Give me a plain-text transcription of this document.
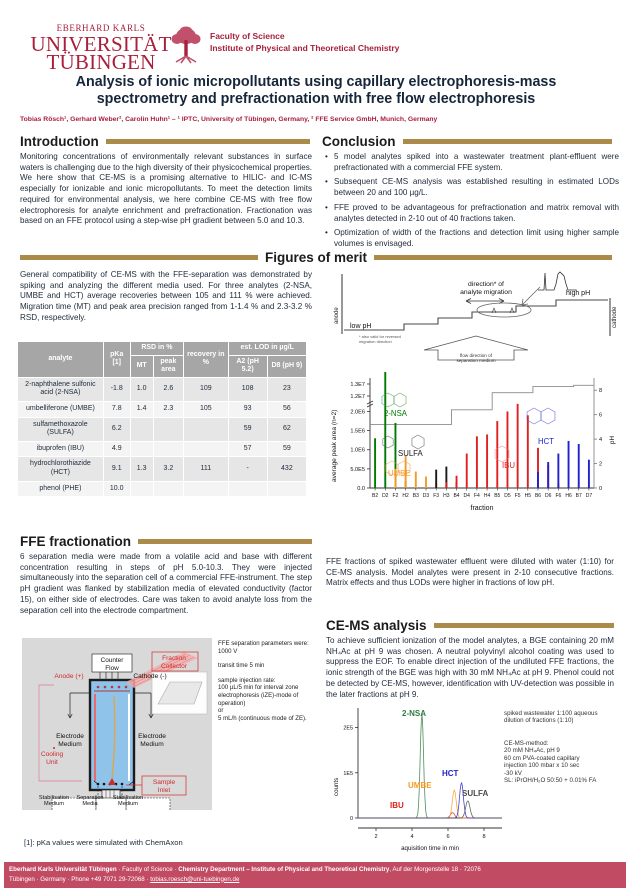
EBERHARD KARLS
UNIVERSITÄT
TÜBINGEN
Faculty of Science
Institute of Physical and Theoretical Chemistry
Analysis of ionic micropollutants using capillary electrophoresis-mass spectrometry and prefractionation with free flow electrophoresis
Tobias Rösch¹, Gerhard Weber², Carolin Huhn¹ – ¹ IPTC, University of Tübingen, Germany, ² FFE Service GmbH, Munich, Germany
Introduction
Monitoring concentrations of environmentally relevant substances in surface waters is challenging due to the high diversity of their physicochemical properties. We here show that CE-MS is a promising alternative to HILIC- and IC-MS especially for ionizable and ionic micropollutants. To meet the detection limits required for environmental analysis, we here combine CE-MS with free flow electrophoresis for analyte enrichment and prefractionation. Fractionation was based on an FFE protocol using a step-wise pH gradient between 5.0 and 10.3.
Conclusion
• 5 model analytes spiked into a wastewater treatment plant-effluent were prefractionated with a commercial FFE system.
• Subsequent CE-MS analysis was established resulting in estimated LODs between 20 and 100 µg/L.
• FFE proved to be advantageous for prefractionation and matrix removal with analytes detected in 2-10 out of 40 fractions taken.
• Optimization of width of the fractions and detection limit using higher sample volumes is envisaged.
Figures of merit
General compatibility of CE-MS with the FFE-separation was demonstrated by spiking and analyzing the different media used. For three analytes (2-NSA, UMBE and HCT) average recoveries between 105 and 111 % were achieved. Migration time (MT) and peak area precision ranged from 1-1.4 % and 2.3-3.2 % RSD, respectively.
analyte	pKa [1]	RSD in %		recovery in %	est. LOD in µg/L	
		MT	peak area		A2 (pH 5.2)	D8 (pH 9)
2-naphthalene sulfonic acid (2-NSA)	-1.8	1.0	2.6	109	108	23
umbelliferone (UMBE)	7.8	1.4	2.3	105	93	56
sulfamethoxazole (SULFA)	6.2				59	62
ibuprofen (IBU)	4.9				57	59
hydrochlorothiazide (HCT)	9.1	1.3	3.2	111	-	432
phenol (PHE)	10.0					
anode	cathode
low pH
high pH
direction* of
analyte migration
* also valid for reversed
migration direction
flow direction of
separation medium
0.0
5.0E5
1.0E6
1.5E6
2.0E6
1.3E7
1.2E7
average peak area (n=2)
0
2
4
6
8
pH
B2 D2 F2 H2 B3 D3 F3 H3 B4 D4 F4 H4 B5 D5 F5 H5 B6 D6 F6 H6 B7 D7
fraction
2-NSA
UMBE
SULFA
IBU
HCT
FFE fractionation
6 separation media were made from a volatile acid and base with different concentration resulting in steps of pH 5.0-10.3. They were injected simultaneously into the separation cell of a commercial FFE-instrument. The step pH gradient was flanked by stabilization media of elevated conductivity (factor 15), on either side of electrodes. Care was taken to avoid analyte loss from the separation cell into the electrode compartment.
Counter
Flow
Fraction
Collector
Anode (+)	Cathode (-)
Electrode
Medium
Electrode
Medium
Cooling
Unit
Sample
Inlet
Stabilisation
Medium
Stabilisation
Medium
Separation
Media
FFE separation parameters were:
1000 V
transit time 5 min
sample injection rate:
100 µL/5 min for interval zone electrophoresis (iZE)-mode of operation)
or
5 mL/h (continuous mode of ZE).
[1]: pKa values were simulated with ChemAxon
FFE fractions of spiked wastewater effluent were diluted with water (1:10) for CE-MS analysis. Model analytes were present in 2-10 consecutive fractions. Matrix effects and thus LODs were higher in fractions of low pH.
CE-MS analysis
To achieve sufficient ionization of the model analytes, a BGE containing 20 mM NH₄Ac at pH 9 was chosen. A neutral polyvinyl alcohol coating was used to suppress the EOF. To enable direct injection of the undiluted FFE fractions, the ionic strength of the BGE was high with 30 mM NH₄Ac at pH 9. Phenol could not be detected by CE-MS, however, identification with UV-detection was possible in the later fractions at pH 9.
spiked wastewater 1:100 aqueous dilution of fractions (1:10)
CE-MS-method:
20 mM NH₄Ac, pH 9
60 cm PVA-coated capillary
injection 100 mbar x 10 sec
-30 kV
SL: iPrOH/H₂O 50:50 + 0.01% FA
0
1E5
2E5
counts
2	4	6	8
aquisition time in min
2-NSA
IBU
UMBE
HCT
SULFA
Eberhard Karls Universität Tübingen · Faculty of Science · Chemistry Department – Institute of Physical and Theoretical Chemistry, Auf der Morgenstelle 18 · 72076
Tübingen · Germany · Phone +49 7071 29-72068 · tobias.roesch@uni-tuebingen.de
